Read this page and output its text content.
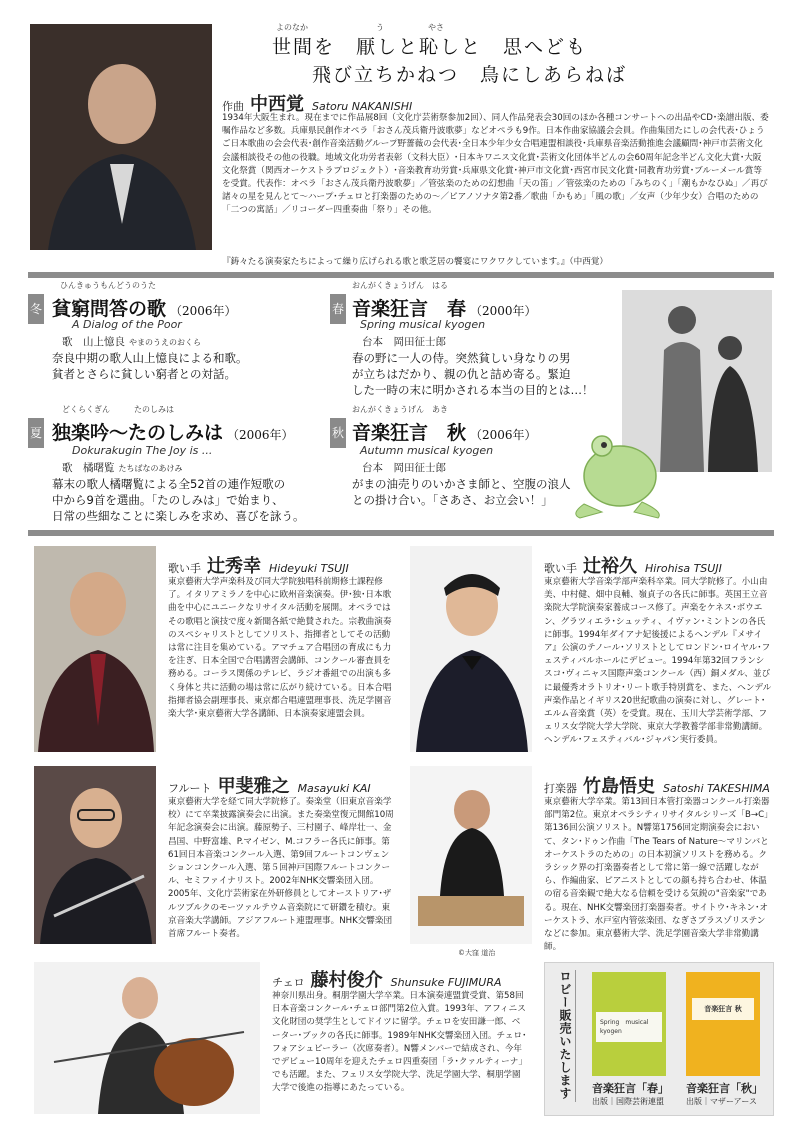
よのなか	う	やさ
世間を　厭しと恥しと　思へども
飛び立ちかねつ　鳥にしあらねば
作曲 中西覚 Satoru NAKANISHI
1934年大阪生まれ。現在までに作品展8回（文化庁芸術祭参加2回）、同人作品発表会30回のほか各種コンサートへの出品やCD･楽譜出版、委嘱作品など多数。兵庫県民創作オペラ「おさん茂兵衛丹波歌夢」などオペラも9作。日本作曲家協議会会員。作曲集団たにしの会代表･ひょうご日本歌曲の会会代表･創作音楽活動グループ野薔薇の会代表･全日本少年少女合唱連盟相談役･兵庫県音楽活動推進会議顧問･神戸市芸術文化会議相談役その他の役職。地域文化功労者表彰（文科大臣）･日本キワニス文化賞･芸術文化団体半どんの会60周年記念半どん文化大賞･大阪文化祭賞（関西オーケストラプロジェクト）･音楽教育功労賞･兵庫県文化賞･神戸市文化賞･西宮市民文化賞･同教育功労賞･ブルーメール賞等を受賞。代表作：オペラ「おさん茂兵衛丹波歌夢」／管弦楽のための幻想曲「天の笛」／管弦楽のための「みちのく」「潮もかなひぬ」／再び諸々の星を見んとて〜ハープ･チェロと打楽器のための〜／ピアノソナタ第2番／歌曲「かもめ」「風の歌」／女声（少年少女）合唱のための「二つの寓話」／リコーダー四重奏曲「祭り」その他。
『鋳々たる演奏家たちによって繰り広げられる歌と歌芝居の饗宴にワクワクしています。』（中西覚）
ひんきゅうもんどうのうた
冬 貧窮問答の歌 （2006年）
A Dialog of the Poor
歌　 山上憶良 やまのうえのおくら
奈良中期の歌人山上憶良による和歌。
貧者とさらに貧しい窮者との対話。
おんがくきょうげん　はる
春 音楽狂言　春 （2000年）
Spring musical kyogen
台本　 岡田征士郎
春の野に一人の侍。突然貧しい身なりの男
が立ちはだかり、親の仇と詰め寄る。緊迫
した一時の末に明かされる本当の目的とは…！
どくらくぎん　　　たのしみは
夏 独楽吟〜たのしみは （2006年）
Dokurakugin The Joy is ...
歌　 橘曙覧 たちばなのあけみ
幕末の歌人橘曙覧による全52首の連作短歌の
中から9首を選曲。「たのしみは」で始まり、
日常の些細なことに楽しみを求め、喜びを詠う。
おんがくきょうげん　あき
秋 音楽狂言　秋 （2006年）
Autumn musical kyogen
台本　 岡田征士郎
がまの油売りのいかさま師と、空腹の浪人
との掛け合い。「さあさ、お立会い！」
歌い手 辻秀幸 Hideyuki TSUJI
東京藝術大学声楽科及び同大学院独唱科前期修士課程修了。イタリアミラノを中心に欧州音楽演奏。伊･独･日本歌曲を中心にユニークなリサイタル活動を展開。オペラではその歌唱と演技で度々新聞各紙で絶賛された。宗教曲演奏のスペシャリストとしてソリスト、指揮者としてその活動は常に注目を集めている。アマチュア合唱団の育成にも力を注ぎ、日本全国で合唱講習会講師、コンクール審査員を務める。コーラス関係のテレビ、ラジオ番組での出演も多く身体と共に活動の場は常に広がり続けている。日本合唱指揮者協会副理事長、東京都合唱連盟理事長、洗足学園音楽大学･東京藝術大学各講師、日本演奏家連盟会員。
歌い手 辻裕久 Hirohisa TSUJI
東京藝術大学音楽学部声楽科卒業。同大学院修了。小山由美、中村健、畑中良輔、嶺貞子の各氏に師事。英国王立音楽院大学院演奏家養成コース修了。声楽をケネス･ボウエン、グラツィエラ･シュッティ、イヴァン･ミントンの各氏に師事。1994年ダイアナ妃後援によるヘンデル『メサイア』公演のテノール･ソリストとしてロンドン･ロイヤル･フェスティバルホールにデビュー。1994年第32回フランシスコ･ヴィニャス国際声楽コンクール（西）銅メダル、並びに最優秀オラトリオ･リート歌手特別賞を、また、ヘンデル声楽作品とイギリス20世紀歌曲の演奏に対し、グレート･エルム音楽賞（英）を受賞。現在、玉川大学芸術学部、フェリス女学院大学大学院、東京大学教養学部非常勤講師。ヘンデル･フェスティバル･ジャパン実行委員。
フルート 甲斐雅之 Masayuki KAI
東京藝術大学を経て同大学院修了。奏楽堂（旧東京音楽学校）にて卒業披露演奏会に出演。また奏楽堂復元開館10周年記念演奏会に出演。藤原勢子、三村園子、峰岸壮一、金昌国、中野富雄、P.マイゼン、M.コフラー各氏に師事。第61回日本音楽コンクール入選、第9回フルートコンヴェンションコンクール入選、第５回神戸国際フルートコンクール、セミファイナリスト。2002年NHK交響楽団入団。2005年、文化庁芸術家在外研修員としてオーストリア･ザルツブルクのモーツァルテウム音楽院にて研鑽を積む。東京音楽大学講師。アジアフルート連盟理事。NHK交響楽団首席フルート奏者。
©大窪 道治
打楽器 竹島悟史 Satoshi TAKESHIMA
東京藝術大学卒業。第13回日本管打楽器コンクール打楽器部門第2位。東京オペラシティリサイタルシリーズ「B→C」第136回公演ソリスト。N響第1756回定期演奏会において、タン･ドゥン作曲「The Tears of Nature〜マリンバとオーケストラのための」の日本初演ソリストを務める。クラシック界の打楽器奏者として常に第一線で活躍しながら、作編曲家、ピアニストとしての顔も持ち合わせ、体温の宿る音楽観で絶大なる信頼を受ける気鋭の"音楽家"である。現在、NHK交響楽団打楽器奏者。サイトウ･キネン･オーケストラ、水戸室内管弦楽団、なぎさブラスゾリステンなどに参加。東京藝術大学、洗足学園音楽大学非常勤講師。
チェロ 藤村俊介 Shunsuke FUJIMURA
神奈川県出身。桐朋学園大学卒業。日本演奏連盟賞受賞、第58回日本音楽コンクール･チェロ部門第2位入賞。1993年、アフィニス文化財団の奨学生としてドイツに留学。チェロを安田謙一郎、ベーター･ブックの各氏に師事。1989年NHK交響楽団入団。チェロ･フォアシュピーラー（次席奏者）。N響メンバーで結成され、今年でデビュー10周年を迎えたチェロ四重奏団「ラ･クァルティーナ」でも活躍。また、フェリス女学院大学、洗足学園大学、桐朋学園大学で後進の指導にあたっている。	ロビー販売いたします	Spring　musical kyogen
音楽狂言 秋
音楽狂言「春」
出版｜国際芸術連盟
音楽狂言「秋」
出版｜マザーアース
